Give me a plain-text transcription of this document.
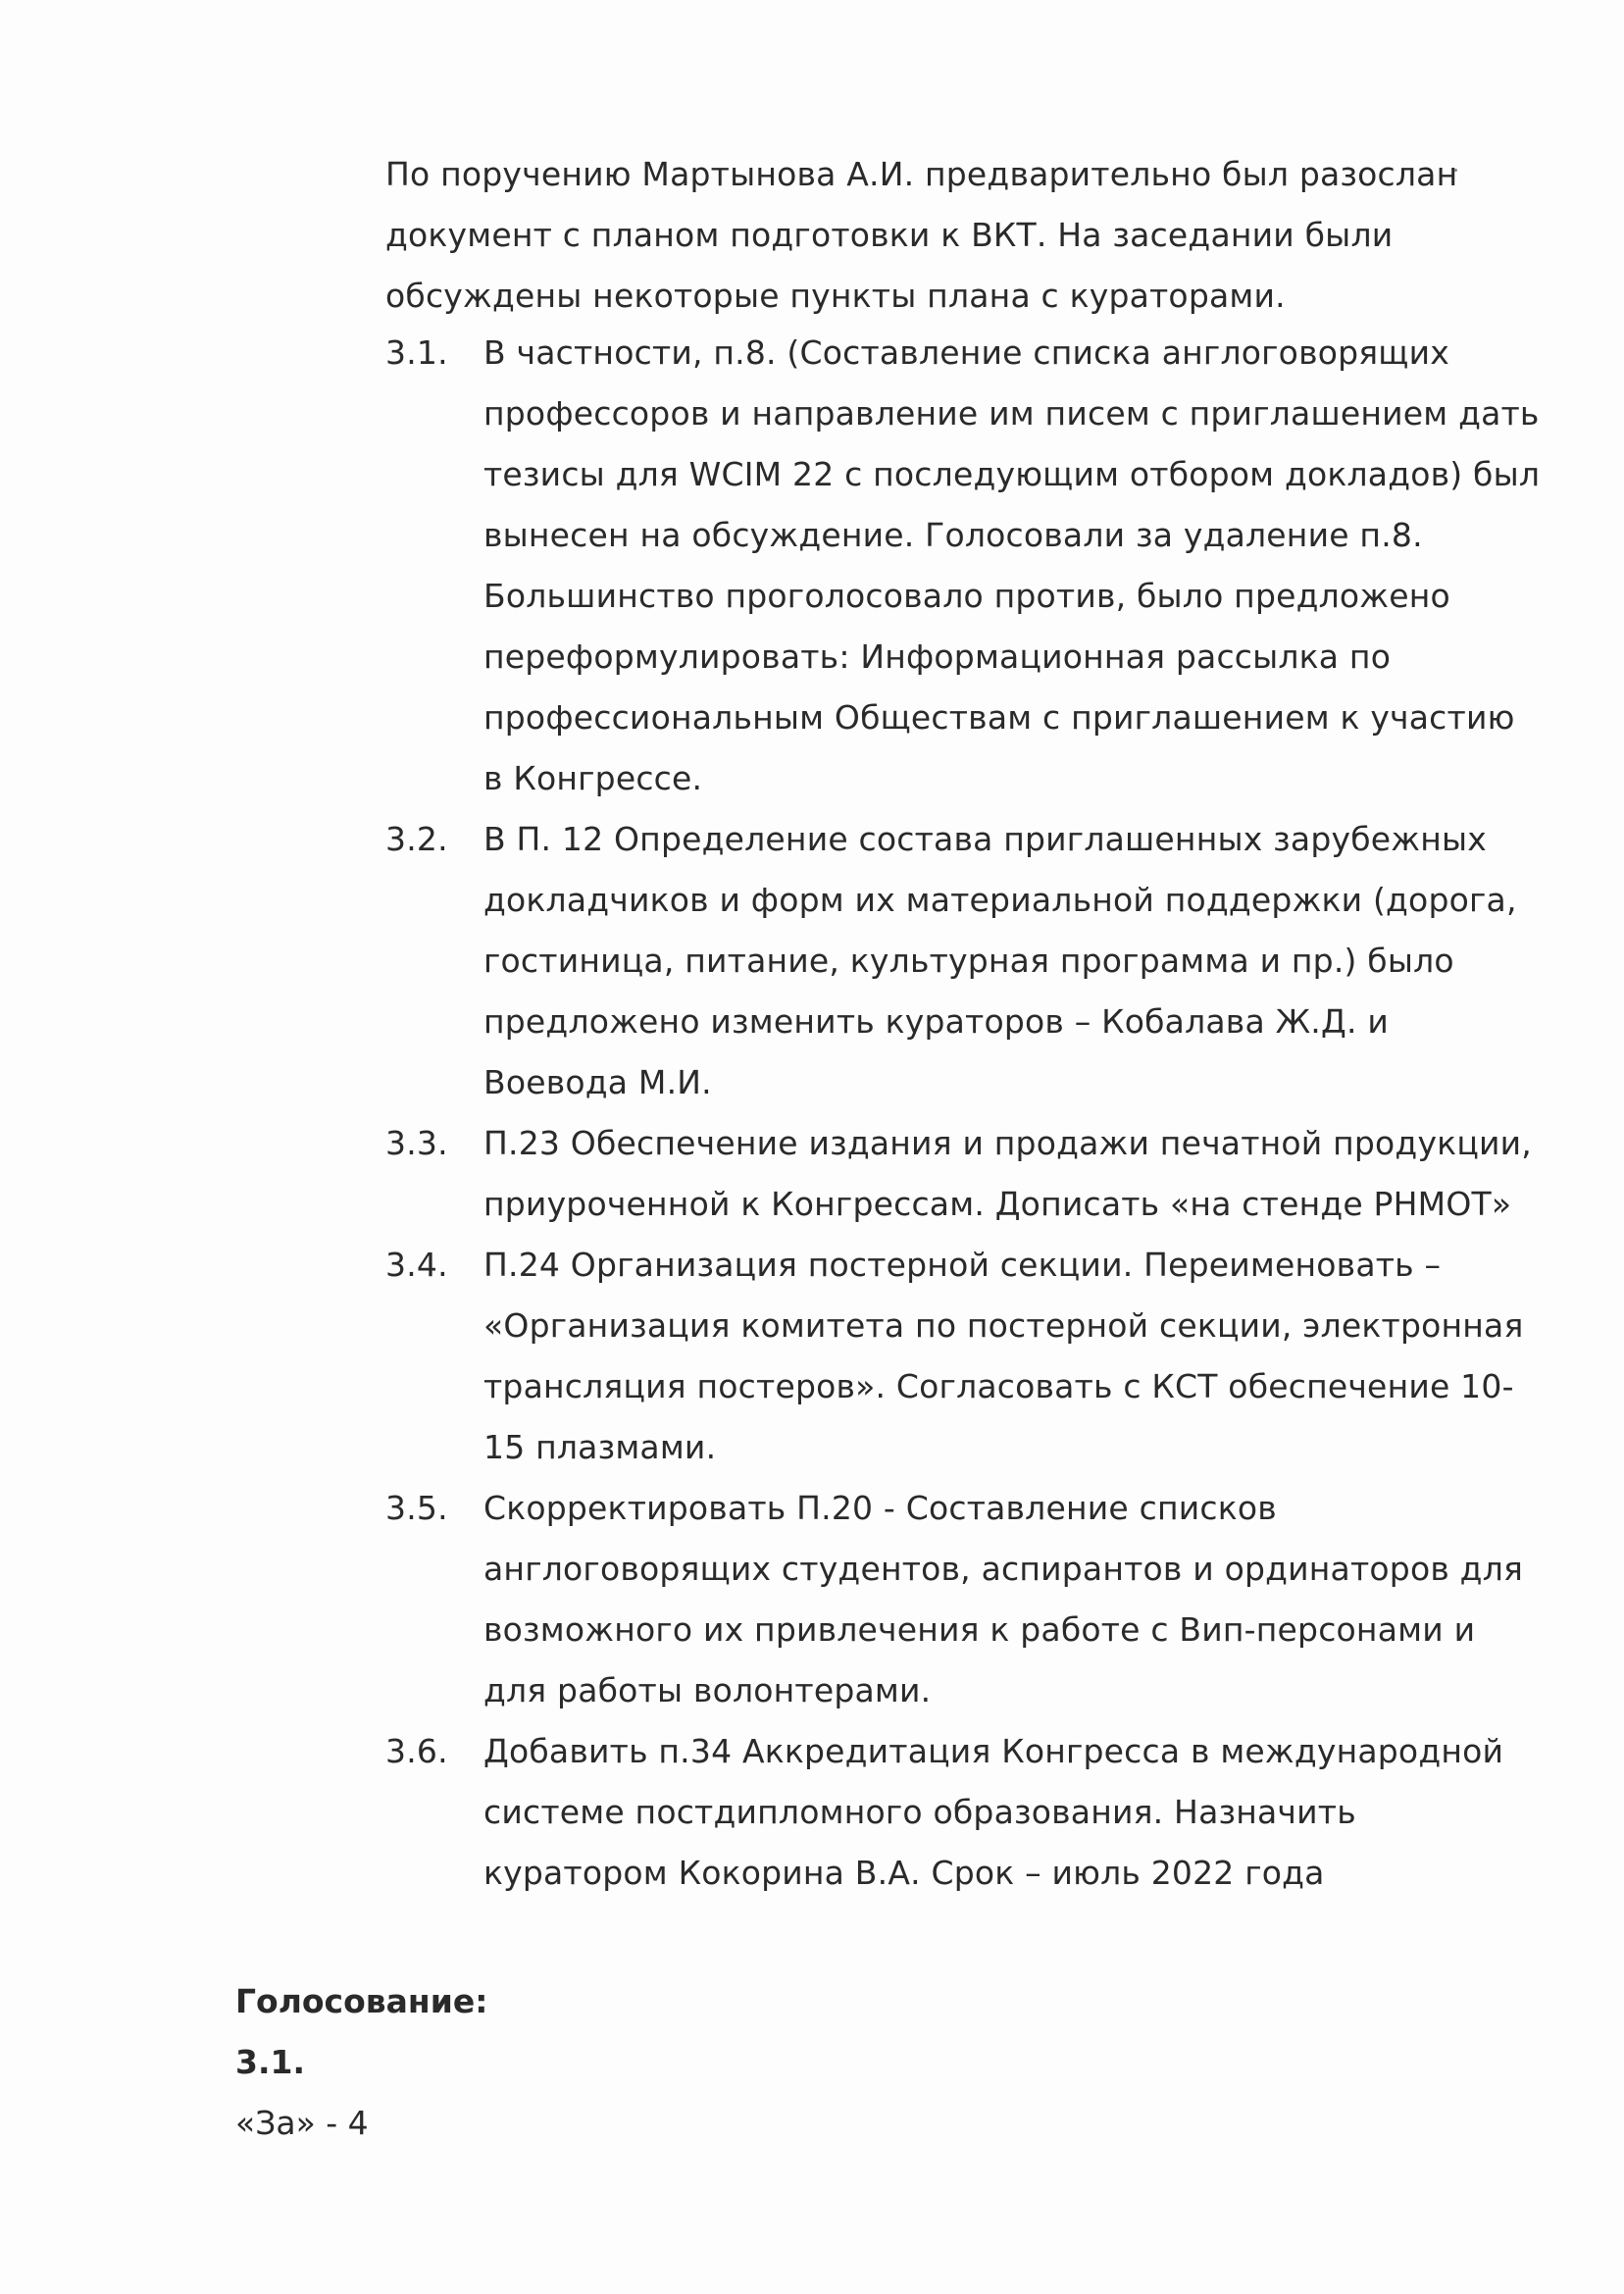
По поручению Мартынова А.И. предварительно был разослан документ с планом подготовки к ВКТ. На заседании были обсуждены некоторые пункты плана с кураторами.

3.1.	В частности, п.8. (Составление списка англоговорящих профессоров и направление им писем с приглашением дать тезисы для WCIM 22 с последующим отбором докладов) был вынесен на обсуждение. Голосовали за удаление п.8. Большинство проголосовало против, было предложено переформулировать: Информационная рассылка по профессиональным Обществам с приглашением к участию в Конгрессе.
3.2.	В П. 12 Определение состава приглашенных зарубежных докладчиков и форм их материальной поддержки (дорога, гостиница, питание, культурная программа и пр.) было предложено изменить кураторов – Кобалава Ж.Д. и Воевода М.И.
3.3.	П.23 Обеспечение издания и продажи печатной продукции, приуроченной к Конгрессам. Дописать «на стенде РНМОТ»
3.4.	П.24 Организация постерной секции. Переименовать – «Организация комитета по постерной секции, электронная трансляция постеров». Согласовать с КСТ обеспечение 10-15 плазмами.
3.5.	Скорректировать П.20 - Составление списков англоговорящих студентов, аспирантов и ординаторов для возможного их привлечения к работе с Вип-персонами и для работы волонтерами.
3.6.	Добавить п.34 Аккредитация Конгресса в международной системе постдипломного образования. Назначить куратором Кокорина В.А. Срок – июль 2022 года

Голосование:

3.1.

«За» - 4
